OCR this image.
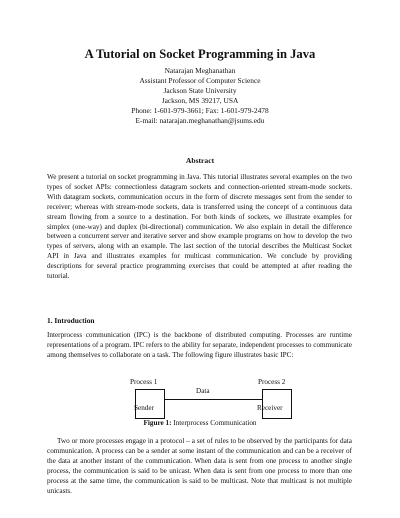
A Tutorial on Socket Programming in Java
Natarajan Meghanathan
Assistant Professor of Computer Science
Jackson State University
Jackson, MS 39217, USA
Phone: 1-601-979-3661; Fax: 1-601-979-2478
E-mail: natarajan.meghanathan@jsums.edu
Abstract
We present a tutorial on socket programming in Java. This tutorial illustrates several examples on the two types of socket APIs: connectionless datagram sockets and connection-oriented stream-mode sockets. With datagram sockets, communication occurs in the form of discrete messages sent from the sender to receiver; whereas with stream-mode sockets, data is transferred using the concept of a continuous data stream flowing from a source to a destination. For both kinds of sockets, we illustrate examples for simplex (one-way) and duplex (bi-directional) communication. We also explain in detail the difference between a concurrent server and iterative server and show example programs on how to develop the two types of servers, along with an example. The last section of the tutorial describes the Multicast Socket API in Java and illustrates examples for multicast communication. We conclude by providing descriptions for several practice programming exercises that could be attempted at after reading the tutorial.
1. Introduction
Interprocess communication (IPC) is the backbone of distributed computing. Processes are runtime representations of a program. IPC refers to the ability for separate, independent processes to communicate among themselves to collaborate on a task. The following figure illustrates basic IPC:
Process 1	Process 2
Data
Sender	Receiver
Figure 1: Interprocess Communication
Two or more processes engage in a protocol – a set of rules to be observed by the participants for data communication. A process can be a sender at some instant of the communication and can be a receiver of the data at another instant of the communication. When data is sent from one process to another single process, the communication is said to be unicast. When data is sent from one process to more than one process at the same time, the communication is said to be multicast. Note that multicast is not multiple unicasts.
